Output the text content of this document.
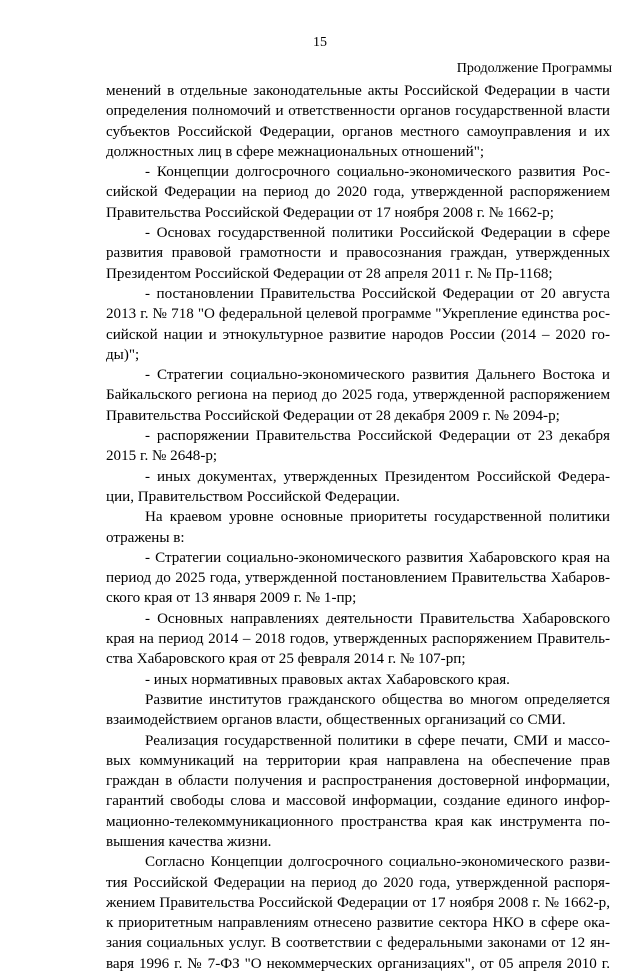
15
Продолжение Программы
менений в отдельные законодательные акты Российской Федерации в части
определения полномочий и ответственности органов государственной власти
субъектов Российской Федерации, органов местного самоуправления и их
должностных лиц в сфере межнациональных отношений";
- Концепции долгосрочного социально-экономического развития Рос-
сийской Федерации на период до 2020 года, утвержденной распоряжением
Правительства Российской Федерации от 17 ноября 2008 г. № 1662-р;
- Основах государственной политики Российской Федерации в сфере
развития правовой грамотности и правосознания граждан, утвержденных
Президентом Российской Федерации от 28 апреля 2011 г. № Пр-1168;
- постановлении Правительства Российской Федерации от 20 августа
2013 г. № 718 "О федеральной целевой программе "Укрепление единства рос-
сийской нации и этнокультурное развитие народов России (2014 – 2020 го-
ды)";
- Стратегии социально-экономического развития Дальнего Востока и
Байкальского региона на период до 2025 года, утвержденной распоряжением
Правительства Российской Федерации от 28 декабря 2009 г. № 2094-р;
- распоряжении Правительства Российской Федерации от 23 декабря
2015 г. № 2648-р;
- иных документах, утвержденных Президентом Российской Федера-
ции, Правительством Российской Федерации.
На краевом уровне основные приоритеты государственной политики
отражены в:
- Стратегии социально-экономического развития Хабаровского края на
период до 2025 года, утвержденной постановлением Правительства Хабаров-
ского края от 13 января 2009 г. № 1-пр;
- Основных направлениях деятельности Правительства Хабаровского
края на период 2014 – 2018 годов, утвержденных распоряжением Правитель-
ства Хабаровского края от 25 февраля 2014 г. № 107-рп;
- иных нормативных правовых актах Хабаровского края.
Развитие институтов гражданского общества во многом определяется
взаимодействием органов власти, общественных организаций со СМИ.
Реализация государственной политики в сфере печати, СМИ и массо-
вых коммуникаций на территории края направлена на обеспечение прав
граждан в области получения и распространения достоверной информации,
гарантий свободы слова и массовой информации, создание единого инфор-
мационно-телекоммуникационного пространства края как инструмента по-
вышения качества жизни.
Согласно Концепции долгосрочного социально-экономического разви-
тия Российской Федерации на период до 2020 года, утвержденной распоря-
жением Правительства Российской Федерации от 17 ноября 2008 г. № 1662-р,
к приоритетным направлениям отнесено развитие сектора НКО в сфере ока-
зания социальных услуг. В соответствии с федеральными законами от 12 ян-
варя 1996 г. № 7-ФЗ "О некоммерческих организациях", от 05 апреля 2010 г.
